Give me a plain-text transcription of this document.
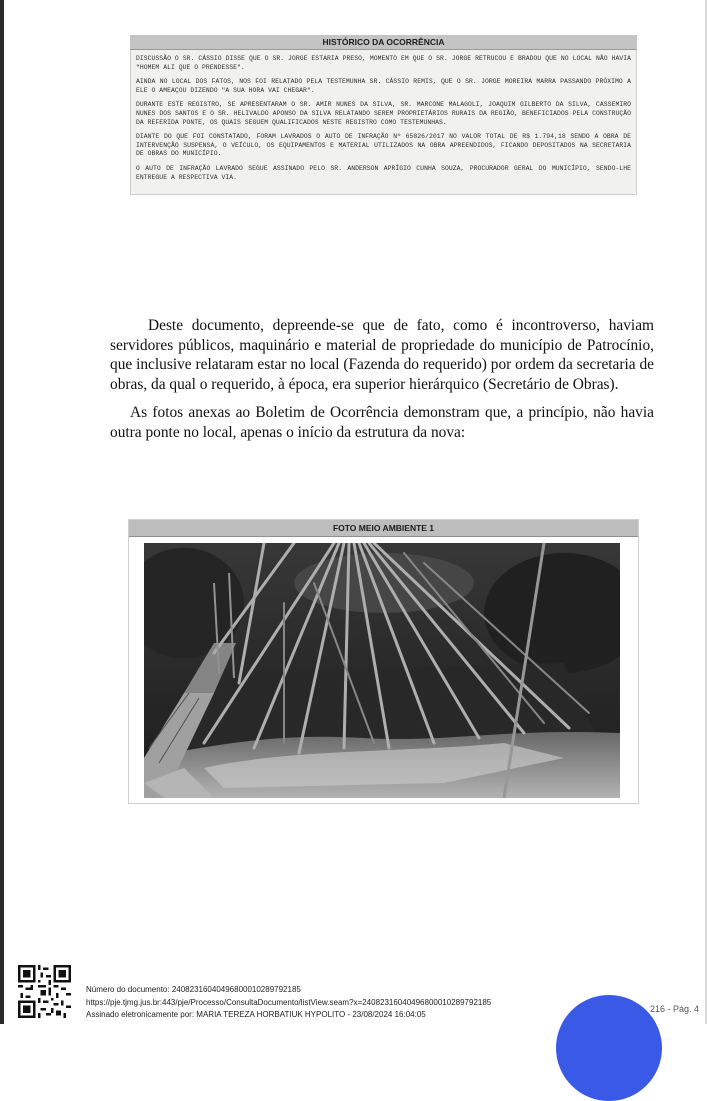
HISTÓRICO DA OCORRÊNCIA

DISCUSSÃO O SR. CÁSSIO DISSE QUE O SR. JORGE ESTARIA PRESO, MOMENTO EM QUE O SR. JORGE RETRUCOU E BRADOU QUE NO LOCAL NÃO HAVIA "HOMEM ALI QUE O PRENDESSE".

AINDA NO LOCAL DOS FATOS, NOS FOI RELATADO PELA TESTEMUNHA SR. CÁSSIO REMIS, QUE O SR. JORGE MOREIRA MARRA PASSANDO PRÓXIMO A ELE O AMEAÇOU DIZENDO "A SUA HORA VAI CHEGAR".

DURANTE ESTE REGISTRO, SE APRESENTARAM O SR. AMIR NUNES DA SILVA, SR. MARCONE MALAGOLI, JOAQUIM GILBERTO DA SILVA, CASSEMIRO NUNES DOS SANTOS E O SR. HELIVALDO APONSO DA SILVA RELATANDO SEREM PROPRIETÁRIOS RURAIS DA REGIÃO, BENEFICIADOS PELA CONSTRUÇÃO DA REFERIDA PONTE, OS QUAIS SEGUEM QUALIFICADOS NESTE REGISTRO COMO TESTEMUNHAS.

DIANTE DO QUE FOI CONSTATADO, FORAM LAVRADOS O AUTO DE INFRAÇÃO Nº 65826/2017 NO VALOR TOTAL DE R$ 1.794,18 SENDO A OBRA DE INTERVENÇÃO SUSPENSA, O VEÍCULO, OS EQUIPAMENTOS E MATERIAL UTILIZADOS NA OBRA APREENDIDOS, FICANDO DEPOSITADOS NA SECRETARIA DE OBRAS DO MUNICÍPIO.

O AUTO DE INFRAÇÃO LAVRADO SEGUE ASSINADO PELO SR. ANDERSON APRÍGIO CUNHA SOUZA, PROCURADOR GERAL DO MUNICÍPIO, SENDO-LHE ENTREGUE A RESPECTIVA VIA.

Deste documento, depreende-se que de fato, como é incontroverso, haviam servidores públicos, maquinário e material de propriedade do município de Patrocínio, que inclusive relataram estar no local (Fazenda do requerido) por ordem da secretaria de obras, da qual o requerido, à época, era superior hierárquico (Secretário de Obras).
As fotos anexas ao Boletim de Ocorrência demonstram que, a princípio, não havia outra ponte no local, apenas o início da estrutura da nova:
FOTO MEIO AMBIENTE 1
Número do documento: 24082316040496800010289792185
https://pje.tjmg.jus.br:443/pje/Processo/ConsultaDocumento/listView.seam?x=24082316040496800010289792185
Assinado eletronicamente por: MARIA TEREZA HORBATIUK HYPOLITO - 23/08/2024 16:04:05
216 - Pág. 4
